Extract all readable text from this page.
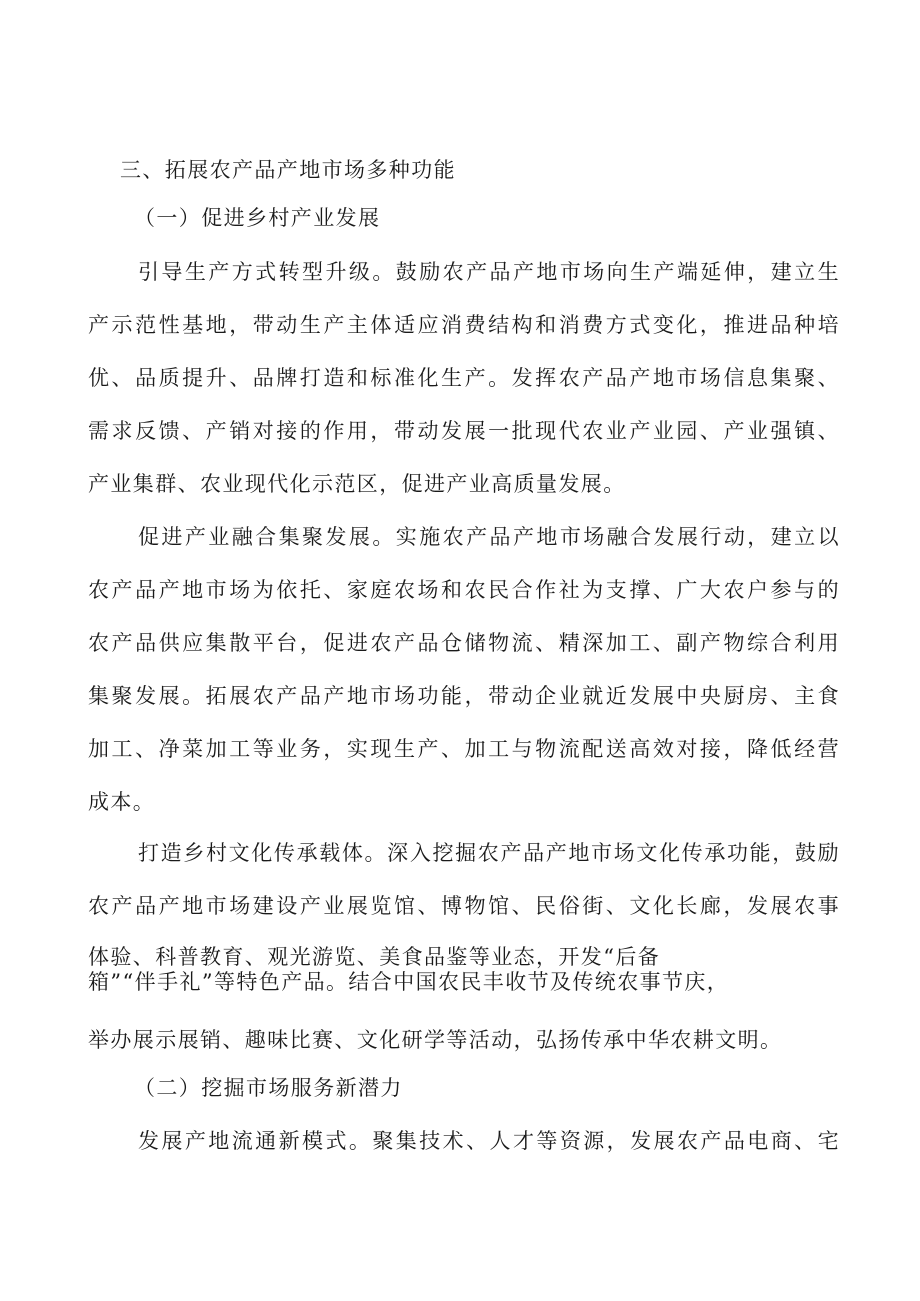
三、拓展农产品产地市场多种功能
（一）促进乡村产业发展
引导生产方式转型升级。鼓励农产品产地市场向生产端延伸，建立生
产示范性基地，带动生产主体适应消费结构和消费方式变化，推进品种培
优、品质提升、品牌打造和标准化生产。发挥农产品产地市场信息集聚、
需求反馈、产销对接的作用，带动发展一批现代农业产业园、产业强镇、
产业集群、农业现代化示范区，促进产业高质量发展。
促进产业融合集聚发展。实施农产品产地市场融合发展行动，建立以
农产品产地市场为依托、家庭农场和农民合作社为支撑、广大农户参与的
农产品供应集散平台，促进农产品仓储物流、精深加工、副产物综合利用
集聚发展。拓展农产品产地市场功能，带动企业就近发展中央厨房、主食
加工、净菜加工等业务，实现生产、加工与物流配送高效对接，降低经营
成本。
打造乡村文化传承载体。深入挖掘农产品产地市场文化传承功能，鼓励
农产品产地市场建设产业展览馆、博物馆、民俗街、文化长廊，发展农事
体验、科普教育、观光游览、美食品鉴等业态，开发“后备
箱”“伴手礼”等特色产品。结合中国农民丰收节及传统农事节庆，
举办展示展销、趣味比赛、文化研学等活动，弘扬传承中华农耕文明。
（二）挖掘市场服务新潜力
发展产地流通新模式。聚集技术、人才等资源，发展农产品电商、宅
